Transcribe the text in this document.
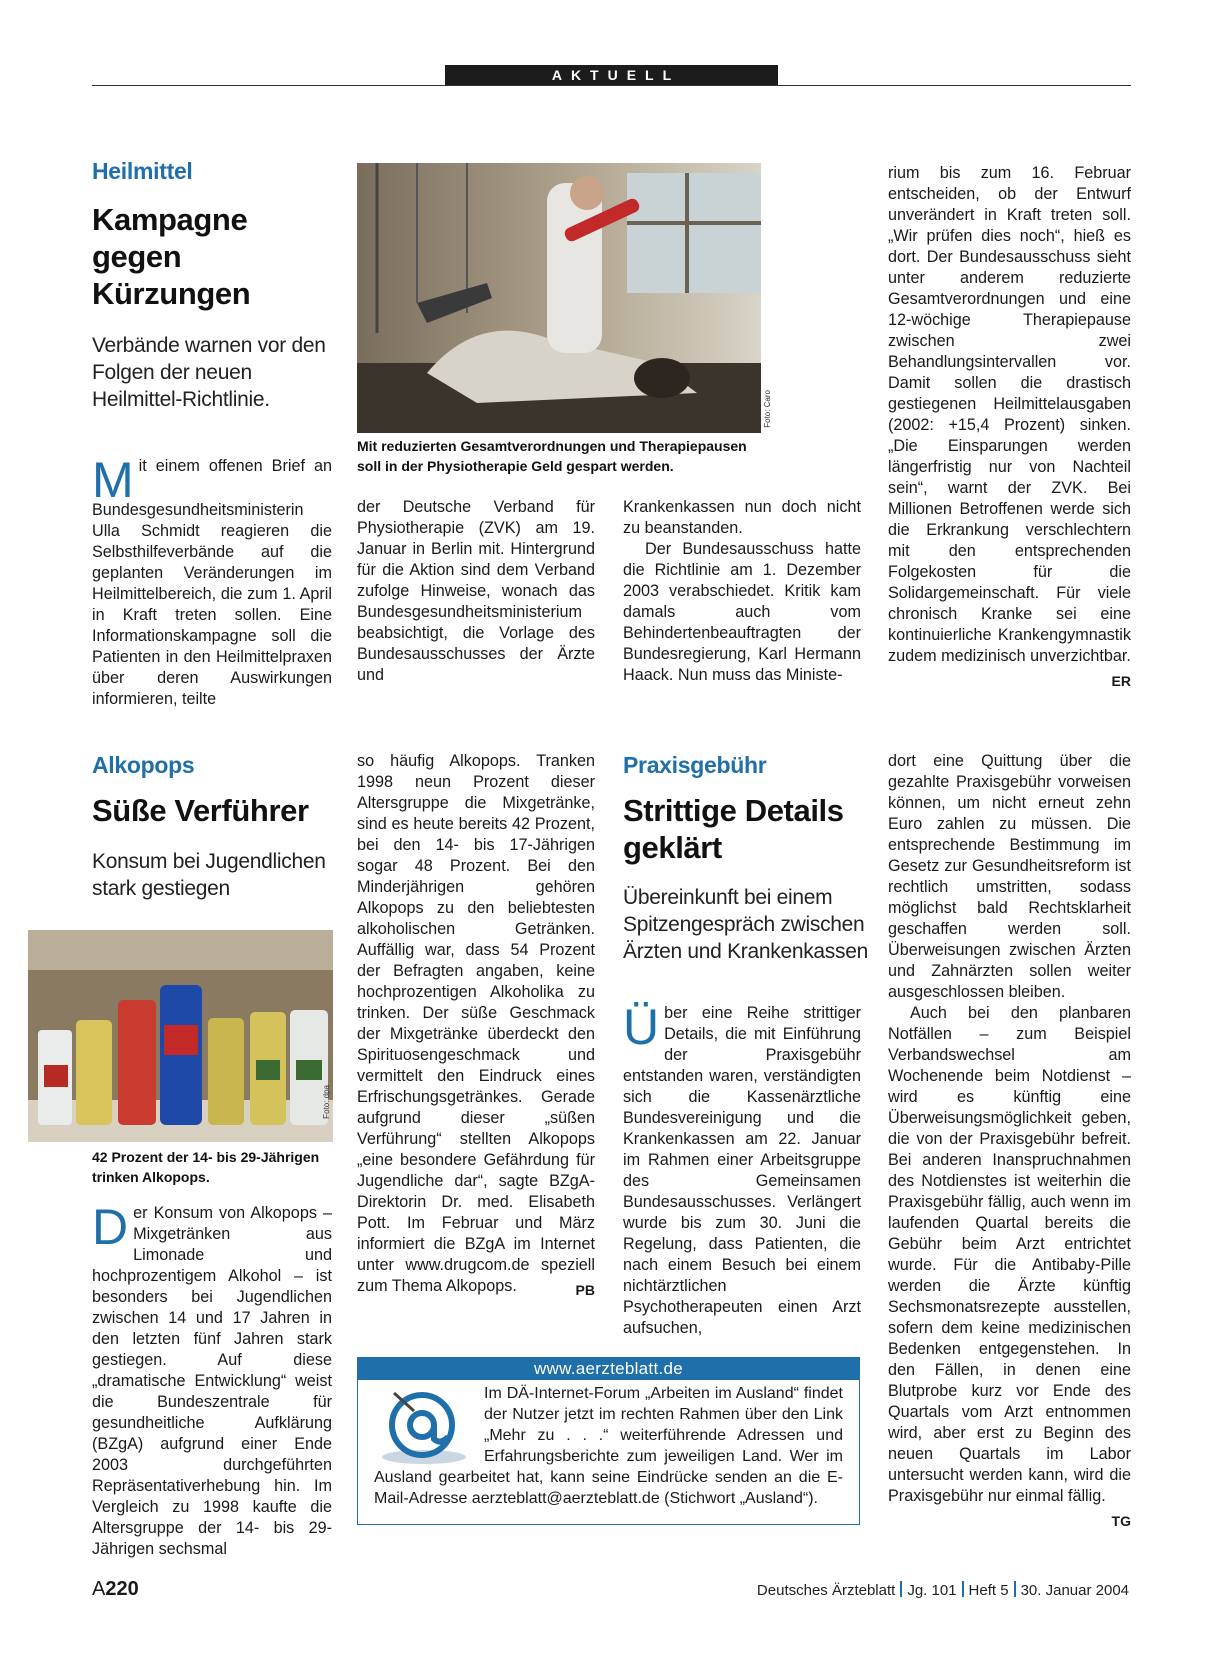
AKTUELL
Heilmittel
Kampagne
gegen
Kürzungen
Verbände warnen vor den Folgen der neuen Heilmittel-Richtlinie.
Mit einem offenen Brief an Bundesgesundheitsministerin Ulla Schmidt reagieren die Selbsthilfeverbände auf die geplanten Veränderungen im Heilmittelbereich, die zum 1. April in Kraft treten sollen. Eine Informationskampagne soll die Patienten in den Heilmittelpraxen über deren Auswirkungen informieren, teilte
Foto: Caro
Mit reduzierten Gesamtverordnungen und Therapiepausen soll in der Physiotherapie Geld gespart werden.
der Deutsche Verband für Physiotherapie (ZVK) am 19. Januar in Berlin mit. Hintergrund für die Aktion sind dem Verband zufolge Hinweise, wonach das Bundesgesundheitsministerium beabsichtigt, die Vorlage des Bundesausschusses der Ärzte und

Krankenkassen nun doch nicht zu beanstanden.

Der Bundesausschuss hatte die Richtlinie am 1. Dezember 2003 verabschiedet. Kritik kam damals auch vom Behindertenbeauftragten der Bundesregierung, Karl Hermann Haack. Nun muss das Ministe-

rium bis zum 16. Februar entscheiden, ob der Entwurf unverändert in Kraft treten soll. „Wir prüfen dies noch“, hieß es dort. Der Bundesausschuss sieht unter anderem reduzierte Gesamtverordnungen und eine 12-wöchige Therapiepause zwischen zwei Behandlungsintervallen vor. Damit sollen die drastisch gestiegenen Heilmittelausgaben (2002: +15,4 Prozent) sinken. „Die Einsparungen werden längerfristig nur von Nachteil sein“, warnt der ZVK. Bei Millionen Betroffenen werde sich die Erkrankung verschlechtern mit den entsprechenden Folgekosten für die Solidargemeinschaft. Für viele chronisch Kranke sei eine kontinuierliche Krankengymnastik zudem medizinisch unverzichtbar.
ER
Alkopops
Süße Verführer
Konsum bei Jugendlichen stark gestiegen
Foto: dpa
42 Prozent der 14- bis 29-Jährigen trinken Alkopops.
Der Konsum von Alkopops – Mixgetränken aus Limonade und hochprozentigem Alkohol – ist besonders bei Jugendlichen zwischen 14 und 17 Jahren in den letzten fünf Jahren stark gestiegen. Auf diese „dramatische Entwicklung“ weist die Bundeszentrale für gesundheitliche Aufklärung (BZgA) aufgrund einer Ende 2003 durchgeführten Repräsentativerhebung hin. Im Vergleich zu 1998 kaufte die Altersgruppe der 14- bis 29-Jährigen sechsmal
so häufig Alkopops. Tranken 1998 neun Prozent dieser Altersgruppe die Mixgetränke, sind es heute bereits 42 Prozent, bei den 14- bis 17-Jährigen sogar 48 Prozent. Bei den Minderjährigen gehören Alkopops zu den beliebtesten alkoholischen Getränken. Auffällig war, dass 54 Prozent der Befragten angaben, keine hochprozentigen Alkoholika zu trinken. Der süße Geschmack der Mixgetränke überdeckt den Spirituosengeschmack und vermittelt den Eindruck eines Erfrischungsgetränkes. Gerade aufgrund dieser „süßen Verführung“ stellten Alkopops „eine besondere Gefährdung für Jugendliche dar“, sagte BZgA-Direktorin Dr. med. Elisabeth Pott. Im Februar und März informiert die BZgA im Internet unter www.drugcom.de speziell zum Thema Alkopops.	PB
Praxisgebühr
Strittige Details
geklärt
Übereinkunft bei einem Spitzengespräch zwischen Ärzten und Krankenkassen
Über eine Reihe strittiger Details, die mit Einführung der Praxisgebühr entstanden waren, verständigten sich die Kassenärztliche Bundesvereinigung und die Krankenkassen am 22. Januar im Rahmen einer Arbeitsgruppe des Gemeinsamen Bundesausschusses. Verlängert wurde bis zum 30. Juni die Regelung, dass Patienten, die nach einem Besuch bei einem nichtärztlichen Psychotherapeuten einen Arzt aufsuchen,

dort eine Quittung über die gezahlte Praxisgebühr vorweisen können, um nicht erneut zehn Euro zahlen zu müssen. Die entsprechende Bestimmung im Gesetz zur Gesundheitsreform ist rechtlich umstritten, sodass möglichst bald Rechtsklarheit geschaffen werden soll. Überweisungen zwischen Ärzten und Zahnärzten sollen weiter ausgeschlossen bleiben.

Auch bei den planbaren Notfällen – zum Beispiel Verbandswechsel am Wochenende beim Notdienst – wird es künftig eine Überweisungsmöglichkeit geben, die von der Praxisgebühr befreit. Bei anderen Inanspruchnahmen des Notdienstes ist weiterhin die Praxisgebühr fällig, auch wenn im laufenden Quartal bereits die Gebühr beim Arzt entrichtet wurde. Für die Antibaby-Pille werden die Ärzte künftig Sechsmonatsrezepte ausstellen, sofern dem keine medizinischen Bedenken entgegenstehen. In den Fällen, in denen eine Blutprobe kurz vor Ende des Quartals vom Arzt entnommen wird, aber erst zu Beginn des neuen Quartals im Labor untersucht werden kann, wird die Praxisgebühr nur einmal fällig.
TG

www.aerzteblatt.de
Im DÄ-Internet-Forum „Arbeiten im Ausland“ findet der Nutzer jetzt im rechten Rahmen über den Link „Mehr zu . . .“ weiterführende Adressen und Erfahrungsberichte zum jeweiligen Land. Wer im Ausland gearbeitet hat, kann seine Eindrücke senden an die E-Mail-Adresse aerzteblatt@aerzteblatt.de (Stichwort „Ausland“).
A220	Deutsches Ärzteblatt Jg. 101 Heft 5 30. Januar 2004
